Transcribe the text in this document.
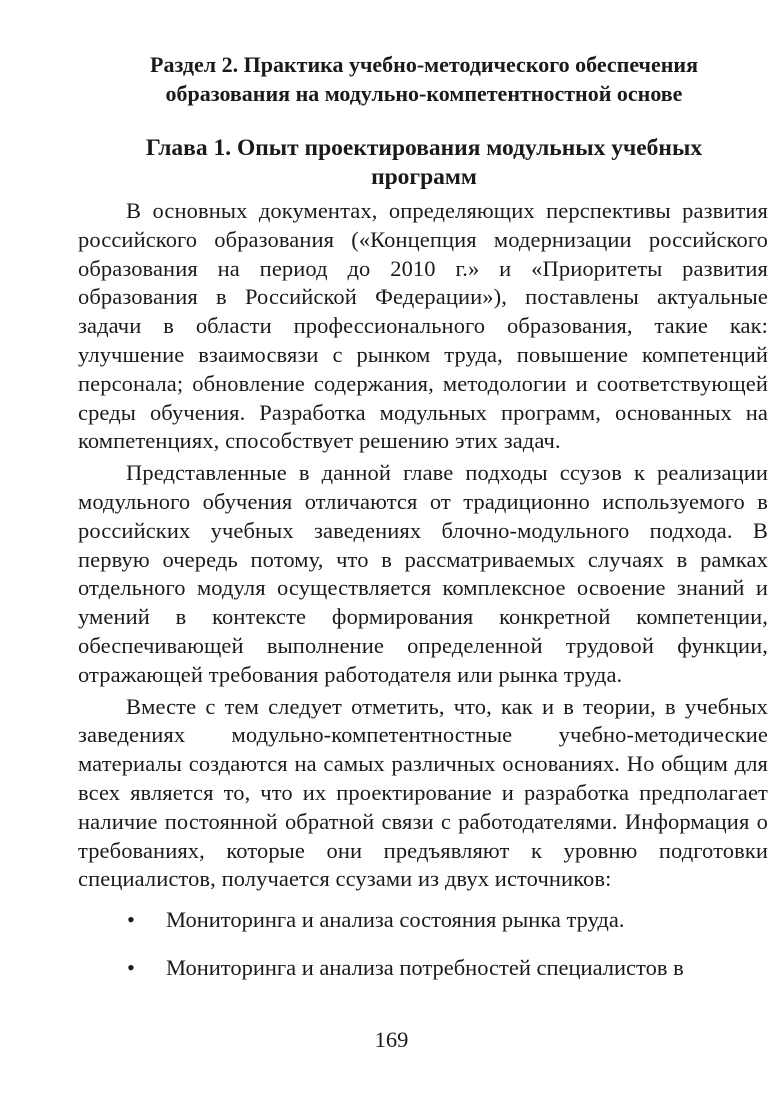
Раздел 2. Практика учебно-методического обеспечения образования на модульно-компетентностной основе
Глава 1. Опыт проектирования модульных учебных программ

В основных документах, определяющих перспективы развития российского образования («Концепция модернизации российского образования на период до 2010 г.» и «Приоритеты развития образования в Российской Федерации»), поставлены актуальные задачи в области профессионального образования, такие как: улучшение взаимосвязи с рынком труда, повышение компетенций персонала; обновление содержания, методологии и соответствующей среды обучения. Разработка модульных программ, основанных на компетенциях, способствует решению этих задач.

Представленные в данной главе подходы ссузов к реализации модульного обучения отличаются от традиционно используемого в российских учебных заведениях блочно-модульного подхода. В первую очередь потому, что в рассматриваемых случаях в рамках отдельного модуля осуществляется комплексное освоение знаний и умений в контексте формирования конкретной компетенции, обеспечивающей выполнение определенной трудовой функции, отражающей требования работодателя или рынка труда.

Вместе с тем следует отметить, что, как и в теории, в учебных заведениях модульно-компетентностные учебно-методические материалы создаются на самых различных основаниях. Но общим для всех является то, что их проектирование и разработка предполагает наличие постоянной обратной связи с работодателями. Информация о требованиях, которые они предъявляют к уровню подготовки специалистов, получается ссузами из двух источников:

• Мониторинга и анализа состояния рынка труда.
• Мониторинга и анализа потребностей специалистов в
169
